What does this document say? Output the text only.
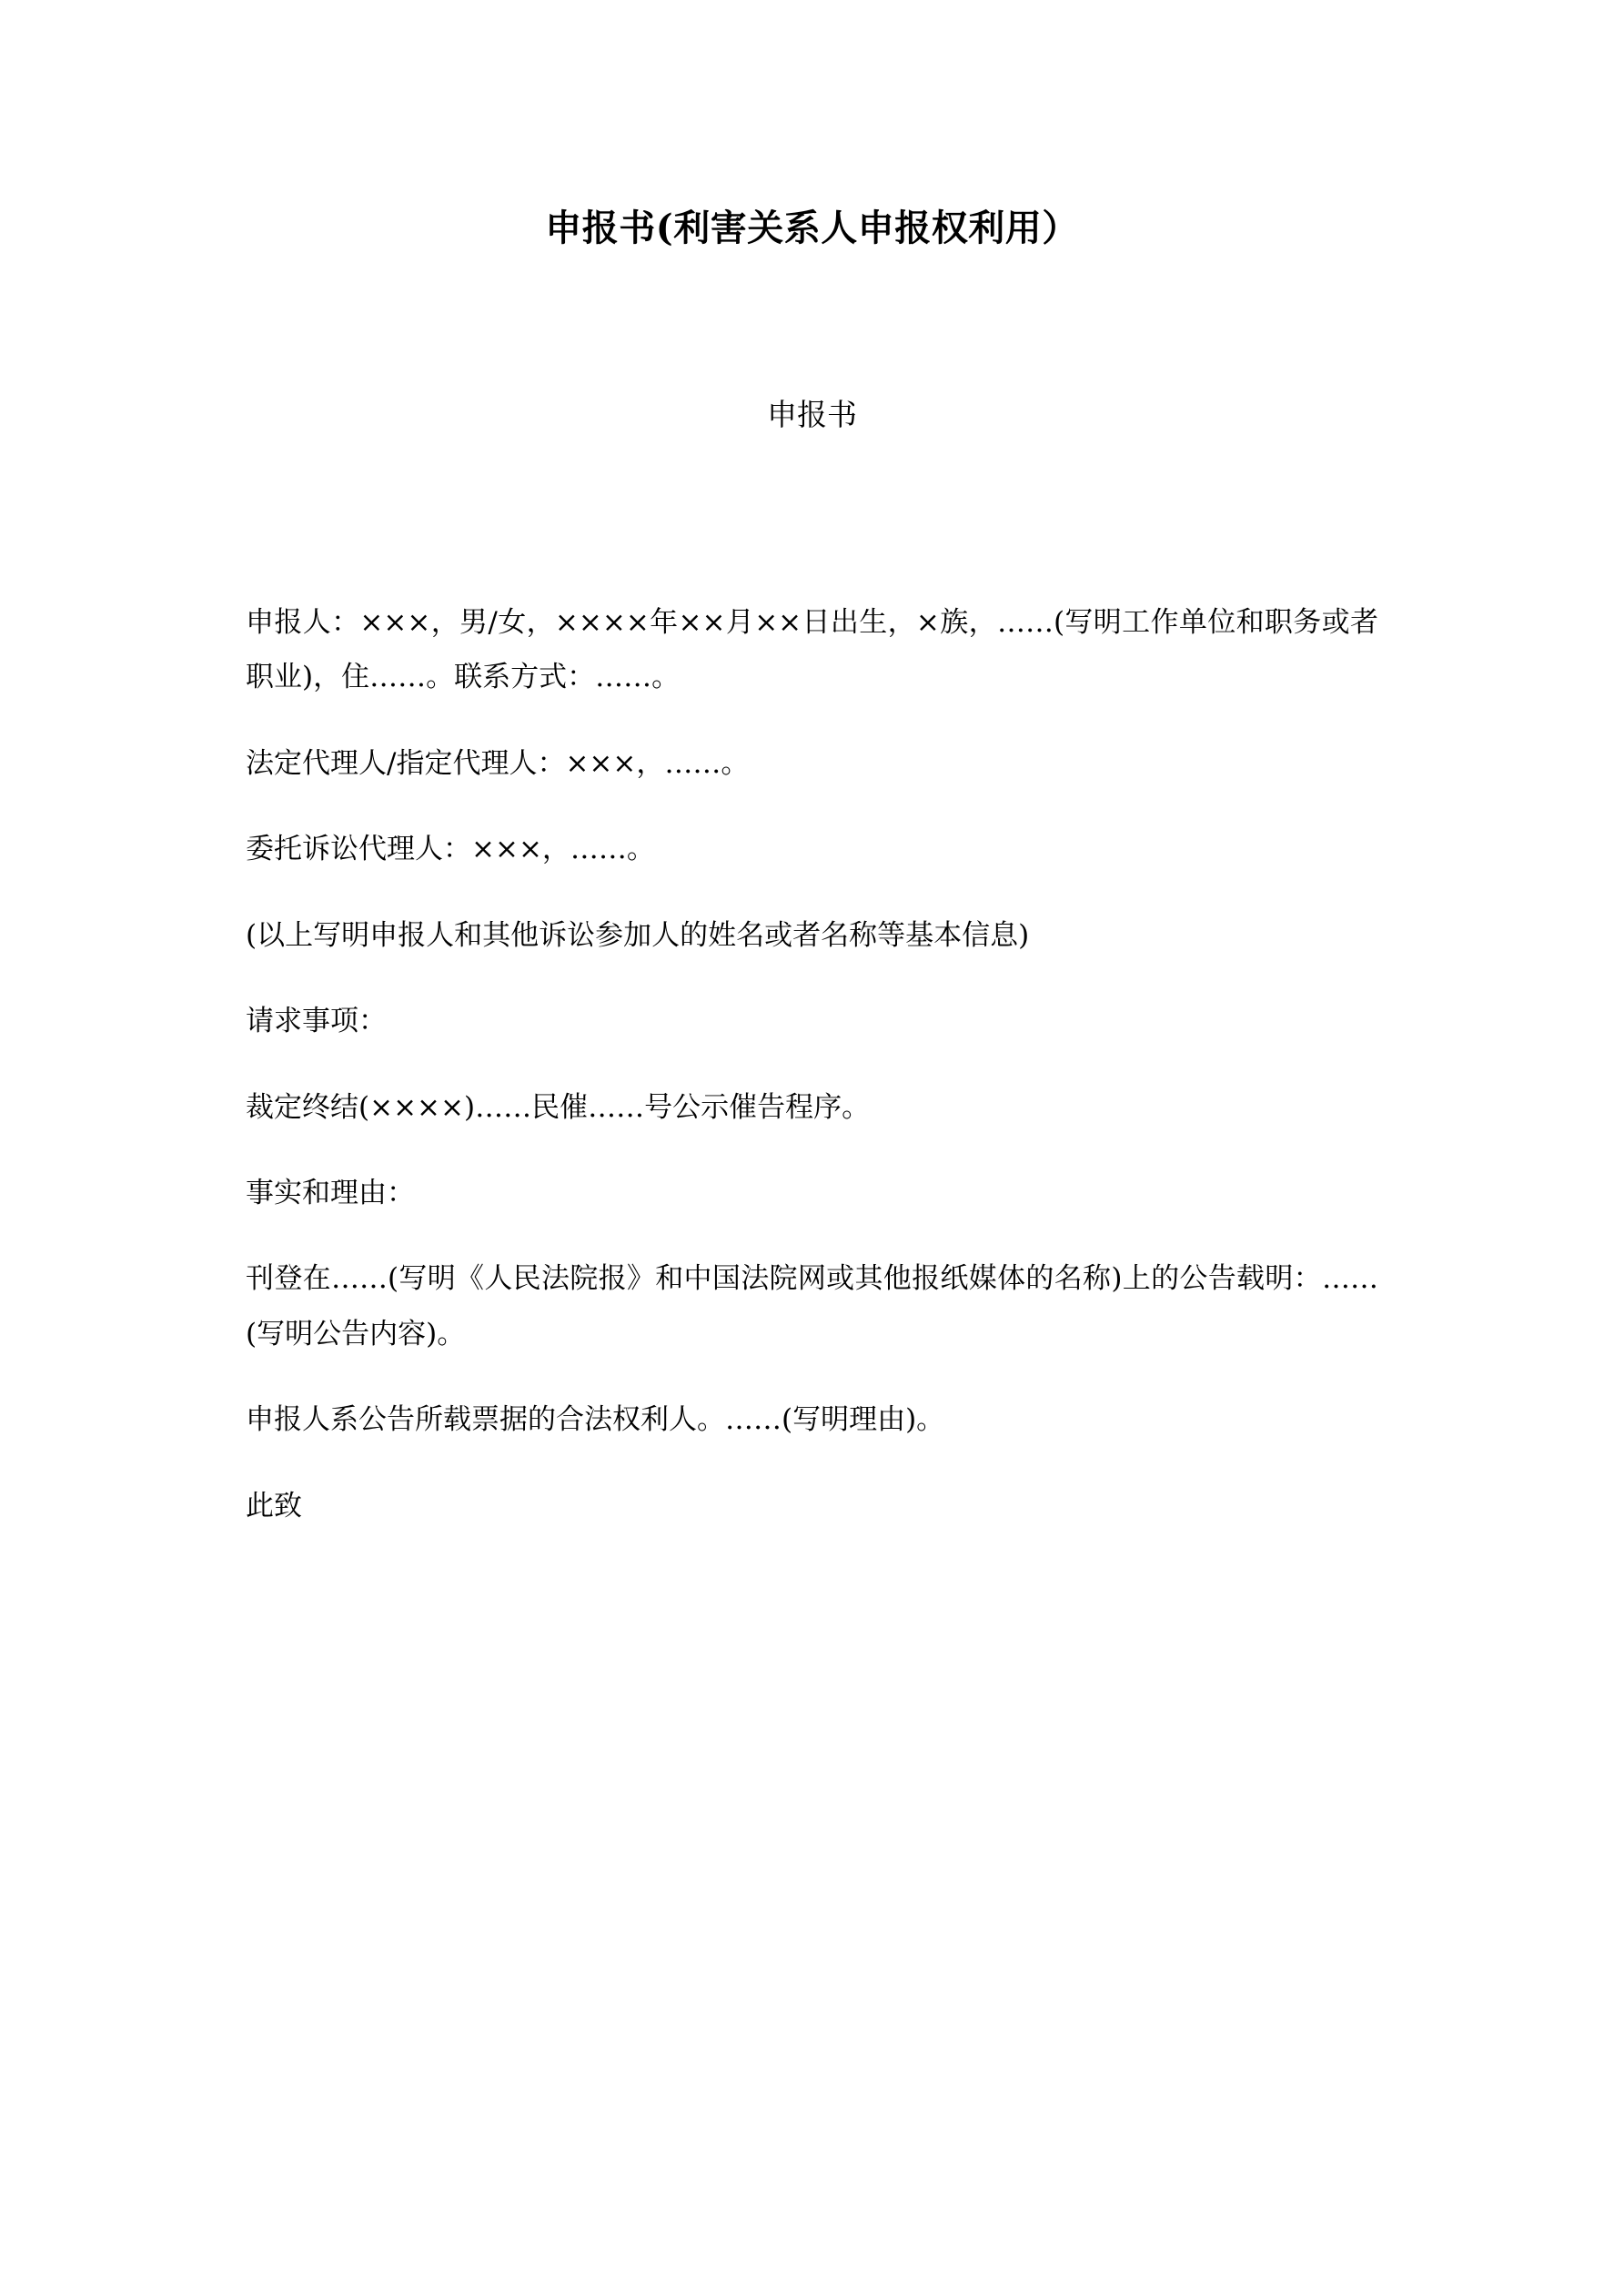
申报书(利害关系人申报权利用）
申报书

申报人：×××，男/女，××××年××月××日出生，×族，……(写明工作单位和职务或者职业)，住……。联系方式：……。

法定代理人/指定代理人：×××，……。

委托诉讼代理人：×××，……。

(以上写明申报人和其他诉讼参加人的姓名或者名称等基本信息)

请求事项：

裁定终结(××××)……民催……号公示催告程序。

事实和理由：

刊登在……(写明《人民法院报》和中国法院网或其他报纸媒体的名称)上的公告载明：……(写明公告内容)。

申报人系公告所载票据的合法权利人。……(写明理由)。

此致
